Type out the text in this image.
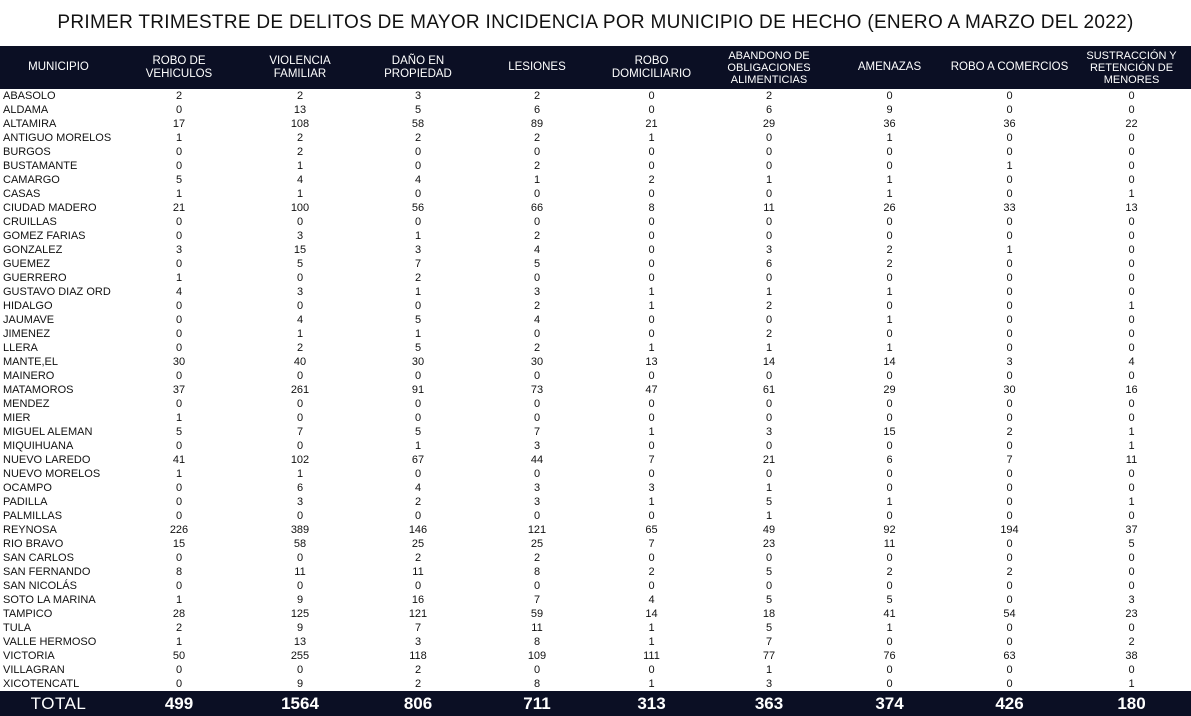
PRIMER TRIMESTRE DE DELITOS DE MAYOR INCIDENCIA POR MUNICIPIO DE HECHO (ENERO A MARZO DEL 2022)
MUNICIPIO	ROBO DE VEHICULOS	VIOLENCIA FAMILIAR	DAÑO EN PROPIEDAD	LESIONES	ROBO DOMICILIARIO	ABANDONO DE OBLIGACIONES ALIMENTICIAS	AMENAZAS	ROBO A COMERCIOS	SUSTRACCIÓN Y RETENCIÓN DE MENORES
ABASOLO	2	2	3	2	0	2	0	0	0
ALDAMA	0	13	5	6	0	6	9	0	0
ALTAMIRA	17	108	58	89	21	29	36	36	22
ANTIGUO MORELOS	1	2	2	2	1	0	1	0	0
BURGOS	0	2	0	0	0	0	0	0	0
BUSTAMANTE	0	1	0	2	0	0	0	1	0
CAMARGO	5	4	4	1	2	1	1	0	0
CASAS	1	1	0	0	0	0	1	0	1
CIUDAD MADERO	21	100	56	66	8	11	26	33	13
CRUILLAS	0	0	0	0	0	0	0	0	0
GOMEZ FARIAS	0	3	1	2	0	0	0	0	0
GONZALEZ	3	15	3	4	0	3	2	1	0
GUEMEZ	0	5	7	5	0	6	2	0	0
GUERRERO	1	0	2	0	0	0	0	0	0
GUSTAVO DIAZ ORD	4	3	1	3	1	1	1	0	0
HIDALGO	0	0	0	2	1	2	0	0	1
JAUMAVE	0	4	5	4	0	0	1	0	0
JIMENEZ	0	1	1	0	0	2	0	0	0
LLERA	0	2	5	2	1	1	1	0	0
MANTE,EL	30	40	30	30	13	14	14	3	4
MAINERO	0	0	0	0	0	0	0	0	0
MATAMOROS	37	261	91	73	47	61	29	30	16
MENDEZ	0	0	0	0	0	0	0	0	0
MIER	1	0	0	0	0	0	0	0	0
MIGUEL ALEMAN	5	7	5	7	1	3	15	2	1
MIQUIHUANA	0	0	1	3	0	0	0	0	1
NUEVO LAREDO	41	102	67	44	7	21	6	7	11
NUEVO MORELOS	1	1	0	0	0	0	0	0	0
OCAMPO	0	6	4	3	3	1	0	0	0
PADILLA	0	3	2	3	1	5	1	0	1
PALMILLAS	0	0	0	0	0	1	0	0	0
REYNOSA	226	389	146	121	65	49	92	194	37
RIO BRAVO	15	58	25	25	7	23	11	0	5
SAN CARLOS	0	0	2	2	0	0	0	0	0
SAN FERNANDO	8	11	11	8	2	5	2	2	0
SAN NICOLÁS	0	0	0	0	0	0	0	0	0
SOTO LA MARINA	1	9	16	7	4	5	5	0	3
TAMPICO	28	125	121	59	14	18	41	54	23
TULA	2	9	7	11	1	5	1	0	0
VALLE HERMOSO	1	13	3	8	1	7	0	0	2
VICTORIA	50	255	118	109	111	77	76	63	38
VILLAGRAN	0	0	2	0	0	1	0	0	0
XICOTENCATL	0	9	2	8	1	3	0	0	1
TOTAL	499	1564	806	711	313	363	374	426	180
